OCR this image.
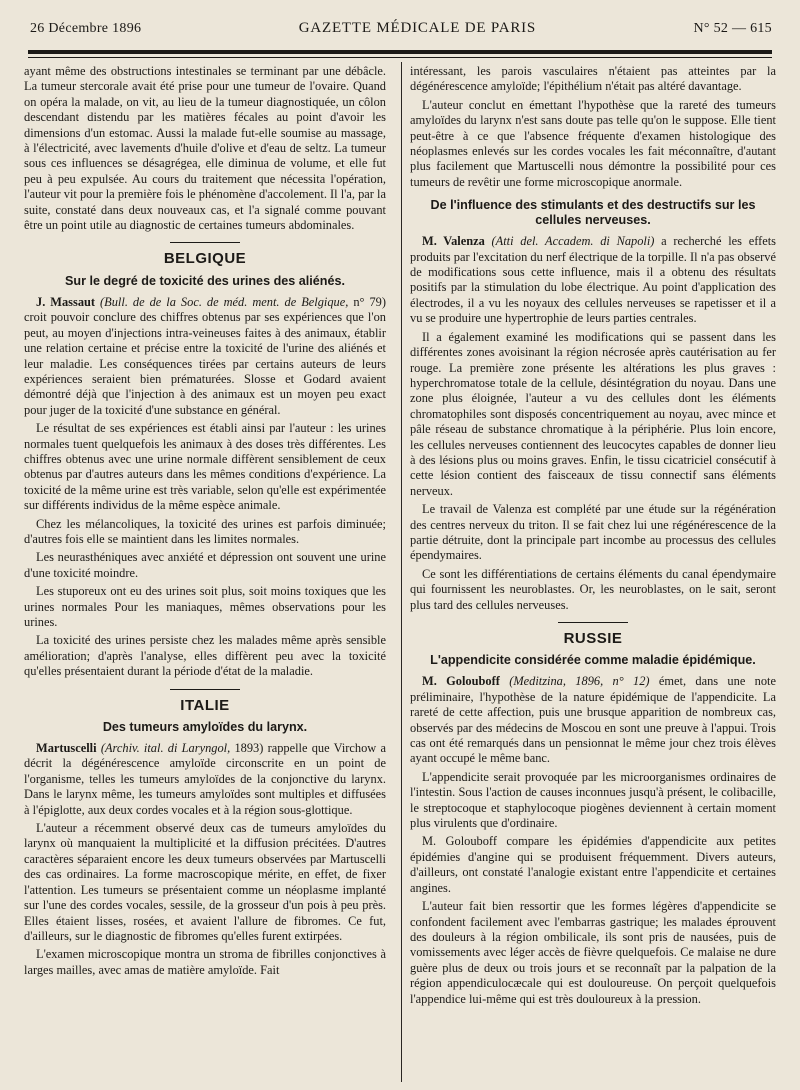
26 Décembre 1896	GAZETTE MÉDICALE DE PARIS	N° 52 — 615

ayant même des obstructions intestinales se terminant par une débâcle. La tumeur stercorale avait été prise pour une tumeur de l'ovaire. Quand on opéra la malade, on vit, au lieu de la tumeur diagnostiquée, un côlon descendant distendu par les matières fécales au point d'avoir les dimensions d'un estomac. Aussi la malade fut-elle soumise au massage, à l'électricité, avec lavements d'huile d'olive et d'eau de seltz. La tumeur sous ces influences se désagrégea, elle diminua de volume, et elle fut peu à peu expulsée. Au cours du traitement que nécessita l'opération, l'auteur vit pour la première fois le phénomène d'accolement. Il l'a, par la suite, constaté dans deux nouveaux cas, et l'a signalé comme pouvant être un point utile au diagnostic de certaines tumeurs abdominales.

BELGIQUE
Sur le degré de toxicité des urines des aliénés.

J. Massaut (Bull. de de la Soc. de méd. ment. de Belgique, n° 79) croit pouvoir conclure des chiffres obtenus par ses expériences que l'on peut, au moyen d'injections intra-veineuses faites à des animaux, établir une relation certaine et précise entre la toxicité de l'urine des aliénés et leur maladie. Les conséquences tirées par certains auteurs de leurs expériences seraient bien prématurées. Slosse et Godard avaient démontré déjà que l'injection à des animaux est un moyen peu exact pour juger de la toxicité d'une substance en général.

Le résultat de ses expériences est établi ainsi par l'auteur : les urines normales tuent quelquefois les animaux à des doses très différentes. Les chiffres obtenus avec une urine normale diffèrent sensiblement de ceux obtenus par d'autres auteurs dans les mêmes conditions d'expérience. La toxicité de la même urine est très variable, selon qu'elle est expérimentée sur différents individus de la même espèce animale.

Chez les mélancoliques, la toxicité des urines est parfois diminuée; d'autres fois elle se maintient dans les limites normales.

Les neurasthéniques avec anxiété et dépression ont souvent une urine d'une toxicité moindre.

Les stuporeux ont eu des urines soit plus, soit moins toxiques que les urines normales Pour les maniaques, mêmes observations pour les urines.

La toxicité des urines persiste chez les malades même après sensible amélioration; d'après l'analyse, elles diffèrent peu avec la toxicité qu'elles présentaient durant la période d'état de la maladie.

ITALIE
Des tumeurs amyloïdes du larynx.

Martuscelli (Archiv. ital. di Laryngol, 1893) rappelle que Virchow a décrit la dégénérescence amyloïde circonscrite en un point de l'organisme, telles les tumeurs amyloïdes de la conjonctive du larynx. Dans le larynx même, les tumeurs amyloïdes sont multiples et diffusées à l'épiglotte, aux deux cordes vocales et à la région sous-glottique.

L'auteur a récemment observé deux cas de tumeurs amyloïdes du larynx où manquaient la multiplicité et la diffusion précitées. D'autres caractères séparaient encore les deux tumeurs observées par Martuscelli des cas ordinaires. La forme macroscopique mérite, en effet, de fixer l'attention. Les tumeurs se présentaient comme un néoplasme implanté sur l'une des cordes vocales, sessile, de la grosseur d'un pois à peu près. Elles étaient lisses, rosées, et avaient l'allure de fibromes. Ce fut, d'ailleurs, sur le diagnostic de fibromes qu'elles furent extirpées.

L'examen microscopique montra un stroma de fibrilles conjonctives à larges mailles, avec amas de matière amyloïde. Fait

intéressant, les parois vasculaires n'étaient pas atteintes par la dégénérescence amyloïde; l'épithélium n'était pas altéré davantage.

L'auteur conclut en émettant l'hypothèse que la rareté des tumeurs amyloïdes du larynx n'est sans doute pas telle qu'on le suppose. Elle tient peut-être à ce que l'absence fréquente d'examen histologique des néoplasmes enlevés sur les cordes vocales les fait méconnaître, d'autant plus facilement que Martuscelli nous démontre la possibilité pour ces tumeurs de revêtir une forme microscopique anormale.

De l'influence des stimulants et des destructifs sur les cellules nerveuses.

M. Valenza (Atti del. Accadem. di Napoli) a recherché les effets produits par l'excitation du nerf électrique de la torpille. Il n'a pas observé de modifications sous cette influence, mais il a obtenu des résultats positifs par la stimulation du lobe électrique. Au point d'application des électrodes, il a vu les noyaux des cellules nerveuses se rapetisser et il a vu se produire une hypertrophie de leurs parties centrales.

Il a également examiné les modifications qui se passent dans les différentes zones avoisinant la région nécrosée après cautérisation au fer rouge. La première zone présente les altérations les plus graves : hyperchromatose totale de la cellule, désintégration du noyau. Dans une zone plus éloignée, l'auteur a vu des cellules dont les éléments chromatophiles sont disposés concentriquement au noyau, avec mince et pâle réseau de substance chromatique à la périphérie. Plus loin encore, les cellules nerveuses contiennent des leucocytes capables de donner lieu à des lésions plus ou moins graves. Enfin, le tissu cicatriciel consécutif à cette lésion contient des faisceaux de tissu connectif sans éléments nerveux.

Le travail de Valenza est complété par une étude sur la régénération des centres nerveux du triton. Il se fait chez lui une régénérescence de la partie détruite, dont la principale part incombe au processus des cellules épendymaires.

Ce sont les différentiations de certains éléments du canal épendymaire qui fournissent les neuroblastes. Or, les neuroblastes, on le sait, seront plus tard des cellules nerveuses.

RUSSIE
L'appendicite considérée comme maladie épidémique.

M. Golouboff (Meditzina, 1896, n° 12) émet, dans une note préliminaire, l'hypothèse de la nature épidémique de l'appendicite. La rareté de cette affection, puis une brusque apparition de nombreux cas, observés par des médecins de Moscou en sont une preuve à l'appui. Trois cas ont été remarqués dans un pensionnat le même jour chez trois élèves ayant occupé le même banc.

L'appendicite serait provoquée par les microorganismes ordinaires de l'intestin. Sous l'action de causes inconnues jusqu'à présent, le colibacille, le streptocoque et staphylocoque piogènes deviennent à certain moment plus virulents que d'ordinaire.

M. Golouboff compare les épidémies d'appendicite aux petites épidémies d'angine qui se produisent fréquemment. Divers auteurs, d'ailleurs, ont constaté l'analogie existant entre l'appendicite et certaines angines.

L'auteur fait bien ressortir que les formes légères d'appendicite se confondent facilement avec l'embarras gastrique; les malades éprouvent des douleurs à la région ombilicale, ils sont pris de nausées, puis de vomissements avec léger accès de fièvre quelquefois. Ce malaise ne dure guère plus de deux ou trois jours et se reconnaît par la palpation de la région appendiculocæcale qui est douloureuse. On perçoit quelquefois l'appendice lui-même qui est très douloureux à la pression.
